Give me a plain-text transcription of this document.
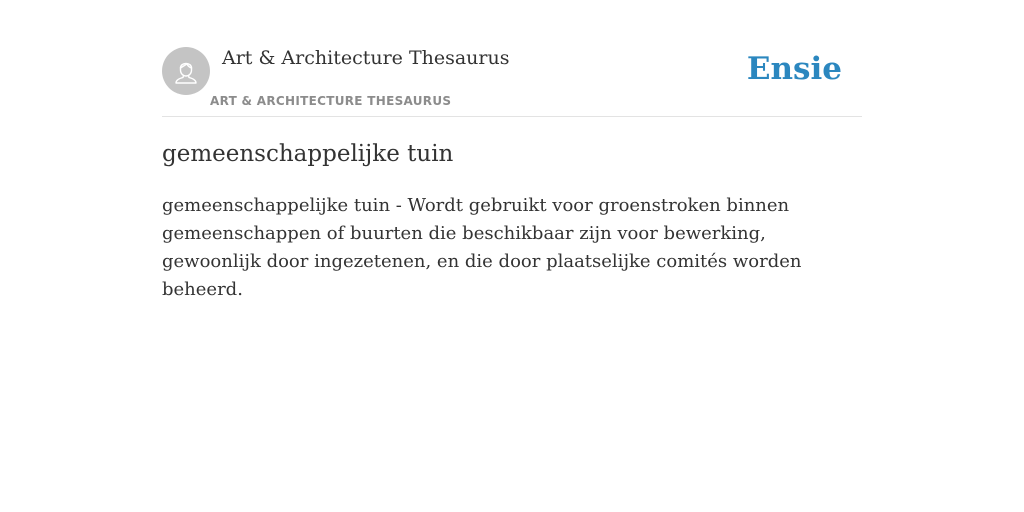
Art & Architecture Thesaurus
ART & ARCHITECTURE THESAURUS
Ensie
gemeenschappelijke tuin

gemeenschappelijke tuin - Wordt gebruikt voor groenstroken binnen gemeenschappen of buurten die beschikbaar zijn voor bewerking, gewoonlijk door ingezetenen, en die door plaatselijke comités worden beheerd.
